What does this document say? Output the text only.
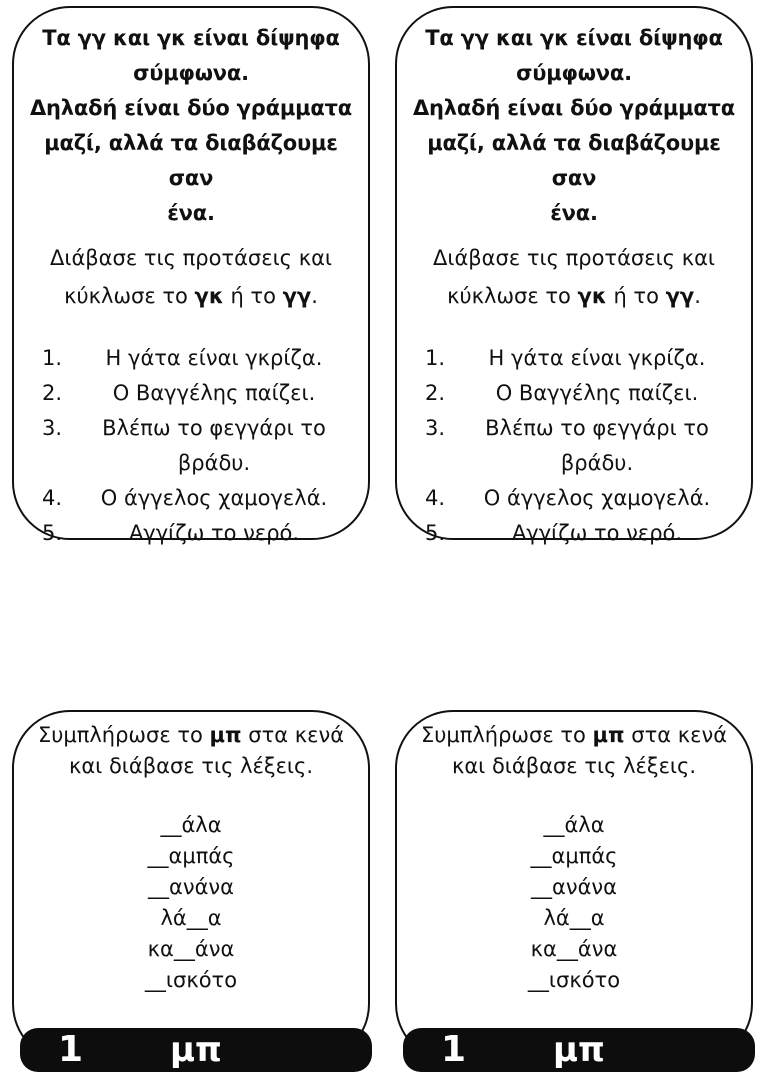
Τα γγ και γκ είναι δίψηφα
σύμφωνα.
Δηλαδή είναι δύο γράμματα
μαζί, αλλά τα διαβάζουμε σαν
ένα.
Διάβασε τις προτάσεις και
κύκλωσε το γκ ή το γγ.
1. Η γάτα είναι γκρίζα.
2. Ο Βαγγέλης παίζει.
3. Βλέπω το φεγγάρι το βράδυ.
4. Ο άγγελος χαμογελά.
5.	Αγγίζω το νερό.
Τα γγ και γκ είναι δίψηφα
σύμφωνα.
Δηλαδή είναι δύο γράμματα
μαζί, αλλά τα διαβάζουμε σαν
ένα.
Διάβασε τις προτάσεις και
κύκλωσε το γκ ή το γγ.
1. Η γάτα είναι γκρίζα.
2. Ο Βαγγέλης παίζει.
3. Βλέπω το φεγγάρι το βράδυ.
4. Ο άγγελος χαμογελά.
5.	Αγγίζω το νερό.
Συμπλήρωσε το μπ στα κενά
και διάβασε τις λέξεις.
__άλα
__αμπάς
__ανάνα
λά__α
κα__άνα
__ισκότο
Συμπλήρωσε το μπ στα κενά
και διάβασε τις λέξεις.
__άλα
__αμπάς
__ανάνα
λά__α
κα__άνα
__ισκότο
1	μπ	1	μπ
